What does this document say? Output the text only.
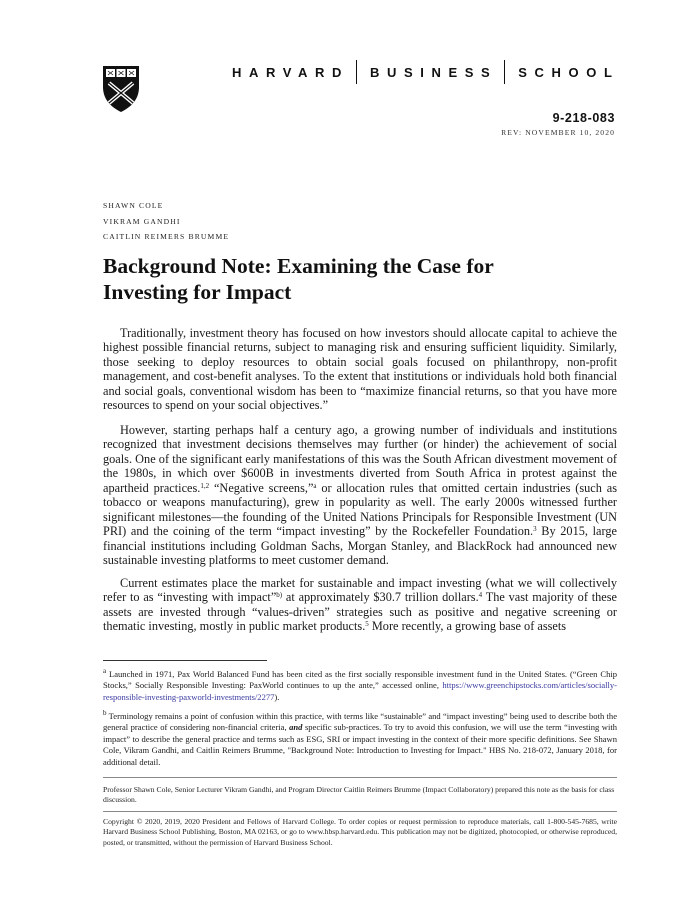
HARVARD BUSINESS SCHOOL
9-218-083
REV: NOVEMBER 10, 2020
SHAWN COLE
VIKRAM GANDHI
CAITLIN REIMERS BRUMME
Background Note: Examining the Case for
Investing for Impact

Traditionally, investment theory has focused on how investors should allocate capital to achieve the highest possible financial returns, subject to managing risk and ensuring sufficient liquidity. Similarly, those seeking to deploy resources to obtain social goals focused on philanthropy, non-profit management, and cost-benefit analyses. To the extent that institutions or individuals hold both financial and social goals, conventional wisdom has been to “maximize financial returns, so that you have more resources to spend on your social objectives.”

However, starting perhaps half a century ago, a growing number of individuals and institutions recognized that investment decisions themselves may further (or hinder) the achievement of social goals. One of the significant early manifestations of this was the South African divestment movement of the 1980s, in which over $600B in investments diverted from South Africa in protest against the apartheid practices.$^{1,2}$ “Negative screens,”$^a$ or allocation rules that omitted certain industries (such as tobacco or weapons manufacturing), grew in popularity as well. The early 2000s witnessed further significant milestones—the founding of the United Nations Principals for Responsible Investment (UN PRI) and the coining of the term “impact investing” by the Rockefeller Foundation.$^3$ By 2015, large financial institutions including Goldman Sachs, Morgan Stanley, and BlackRock had announced new sustainable investing platforms to meet customer demand.

Current estimates place the market for sustainable and impact investing (what we will collectively refer to as “investing with impact”$^{b)}$ at approximately $30.7 trillion dollars.$^4$ The vast majority of these assets are invested through “values-driven” strategies such as positive and negative screening or thematic investing, mostly in public market products.$^5$ More recently, a growing base of assets

$^a$ Launched in 1971, Pax World Balanced Fund has been cited as the first socially responsible investment fund in the United States. (“Green Chip Stocks,” Socially Responsible Investing: PaxWorld continues to up the ante,” accessed online, https://www.greenchipstocks.com/articles/socially-responsible-investing-paxworld-investments/2277).
$^b$ Terminology remains a point of confusion within this practice, with terms like “sustainable” and “impact investing” being used to describe both the general practice of considering non-financial criteria, and specific sub-practices. To try to avoid this confusion, we will use the term “investing with impact” to describe the general practice and terms such as ESG, SRI or impact investing in the context of their more specific definitions. See Shawn Cole, Vikram Gandhi, and Caitlin Reimers Brumme, "Background Note: Introduction to Investing for Impact." HBS No. 218-072, January 2018, for additional detail.
Professor Shawn Cole, Senior Lecturer Vikram Gandhi, and Program Director Caitlin Reimers Brumme (Impact Collaboratory) prepared this note as the basis for class discussion.
Copyright © 2020, 2019, 2020 President and Fellows of Harvard College. To order copies or request permission to reproduce materials, call 1-800-545-7685, write Harvard Business School Publishing, Boston, MA 02163, or go to www.hbsp.harvard.edu. This publication may not be digitized, photocopied, or otherwise reproduced, posted, or transmitted, without the permission of Harvard Business School.
